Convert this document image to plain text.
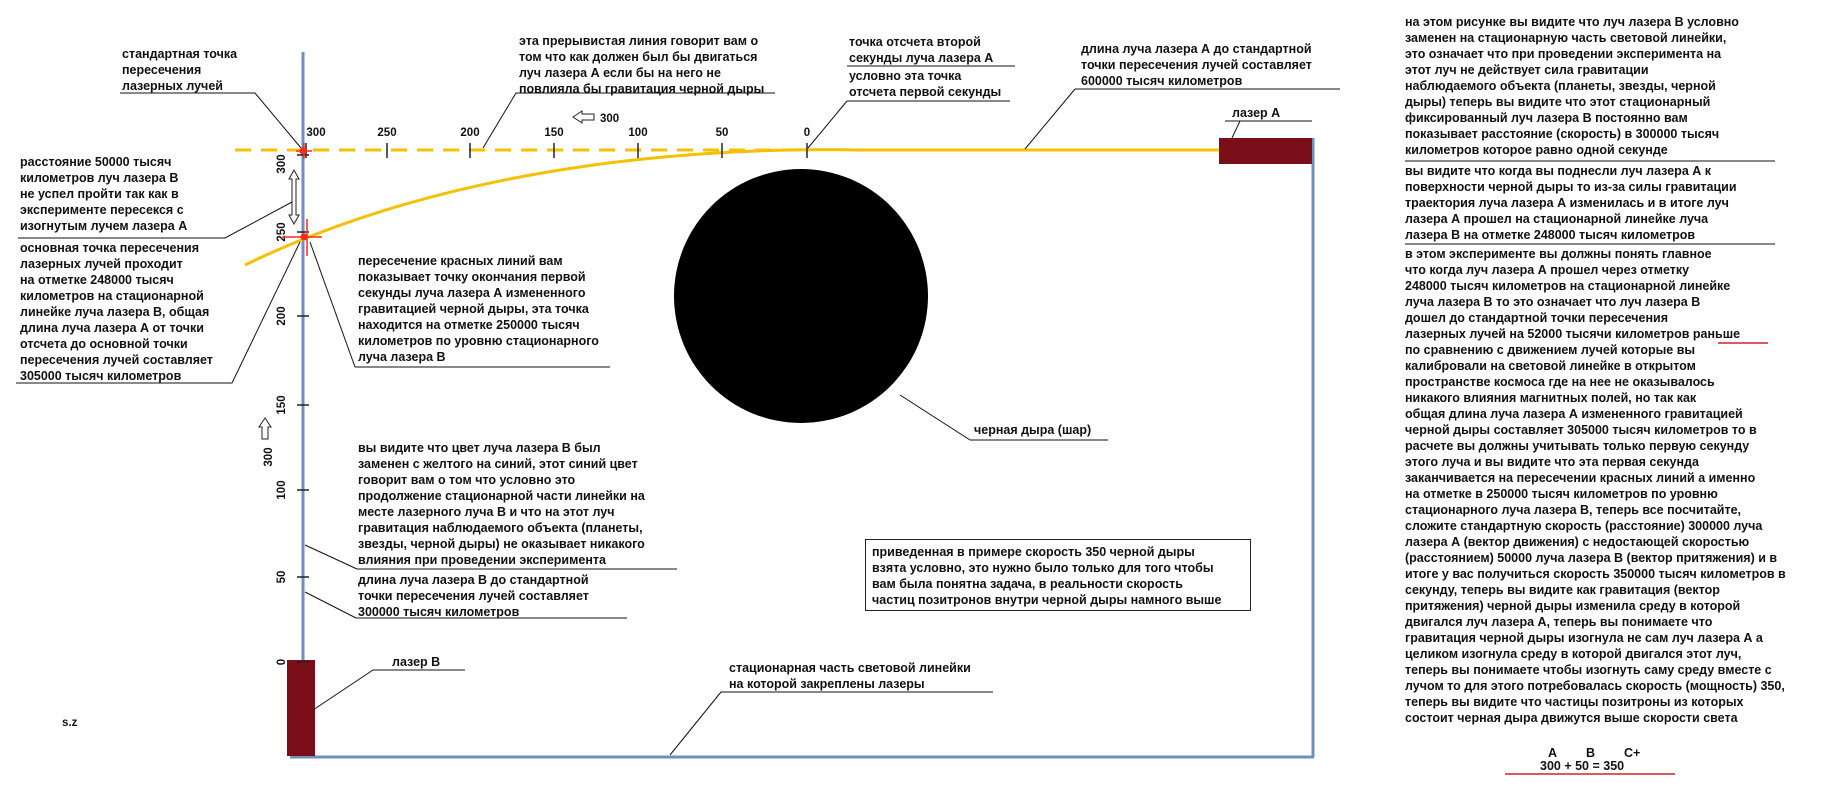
300	250	200	150	100	50	0
300
300
250
200
150
100
50
0
300
лазер А
лазер В
черная дыра (шар)
s.z

стандартная точка
пересечения
лазерных лучей

эта прерывистая линия говорит вам о
том что как должен был бы двигаться
луч лазера А если бы на него не
повлияла бы гравитация черной дыры

точка отсчета второй
секунды луча лазера А

условно эта точка
отсчета первой секунды

длина луча лазера А до стандартной
точки пересечения лучей составляет
600000 тысяч километров

расстояние 50000 тысяч
километров луч лазера В
не успел пройти так как в
эксперименте пересекся с
изогнутым лучем лазера А

основная точка пересечения
лазерных лучей проходит
на отметке 248000 тысяч
километров на стационарной
линейке луча лазера В, общая
длина луча лазера А от точки
отсчета до основной точки
пересечения лучей составляет
305000 тысяч километров

пересечение красных линий вам
показывает точку окончания первой
секунды луча лазера А измененного
гравитацией черной дыры, эта точка
находится на отметке 250000 тысяч
километров по уровню стационарного
луча лазера В

вы видите что цвет луча лазера В был
заменен с желтого на синий, этот синий цвет
говорит вам о том что условно это
продолжение стационарной части линейки на
месте лазерного луча В и что на этот луч
гравитация наблюдаемого объекта (планеты,
звезды, черной дыры) не оказывает никакого
влияния при проведении эксперимента

длина луча лазера В до стандартной
точки пересечения лучей составляет
300000 тысяч километров

приведенная в примере скорость 350 черной дыры
взята условно, это нужно было только для того чтобы
вам была понятна задача, в реальности скорость
частиц позитронов внутри черной дыры намного выше

стационарная часть световой линейки
на которой закреплены лазеры

на этом рисунке вы видите что луч лазера В условно
заменен на стационарную часть световой линейки,
это означает что при проведении эксперимента на
этот луч не действует сила гравитации
наблюдаемого объекта (планеты, звезды, черной
дыры) теперь вы видите что этот стационарный
фиксированный луч лазера В постоянно вам
показывает расстояние (скорость) в 300000 тысяч
километров которое равно одной секунде

вы видите что когда вы поднесли луч лазера А к
поверхности черной дыры то из-за силы гравитации
траектория луча лазера А изменилась и в итоге луч
лазера А прошел на стационарной линейке луча
лазера В на отметке 248000 тысяч километров

в этом эксперименте вы должны понять главное
что когда луч лазера А прошел через отметку
248000 тысяч километров на стационарной линейке
луча лазера В то это означает что луч лазера В
дошел до стандартной точки пересечения
лазерных лучей на 52000 тысячи километров раньше
по сравнению с движением лучей которые вы
калибровали на световой линейке в открытом
пространстве космоса где на нее не оказывалось
никакого влияния магнитных полей, но так как
общая длина луча лазера А измененного гравитацией
черной дыры составляет 305000 тысяч километров то в
расчете вы должны учитывать только первую секунду
этого луча и вы видите что эта первая секунда
заканчивается на пересечении красных линий а именно
на отметке в 250000 тысяч километров по уровню
стационарного луча лазера В, теперь все посчитайте,
сложите стандартную скорость (расстояние) 300000 луча
лазера А (вектор движения) с недостающей скоростью
(расстоянием) 50000 луча лазера В (вектор притяжения) и в
итоге у вас получиться скорость 350000 тысяч километров в
секунду, теперь вы видите как гравитация (вектор
притяжения) черной дыры изменила среду в которой
двигался луч лазера А, теперь вы понимаете что
гравитация черной дыры изогнула не сам луч лазера А а
целиком изогнула среду в которой двигался этот луч,
теперь вы понимаете чтобы изогнуть саму среду вместе с
лучом то для этого потребовалась скорость (мощность) 350,
теперь вы видите что частицы позитроны из которых
состоит черная дыра движутся выше скорости света
A B C+
300 + 50 = 350
